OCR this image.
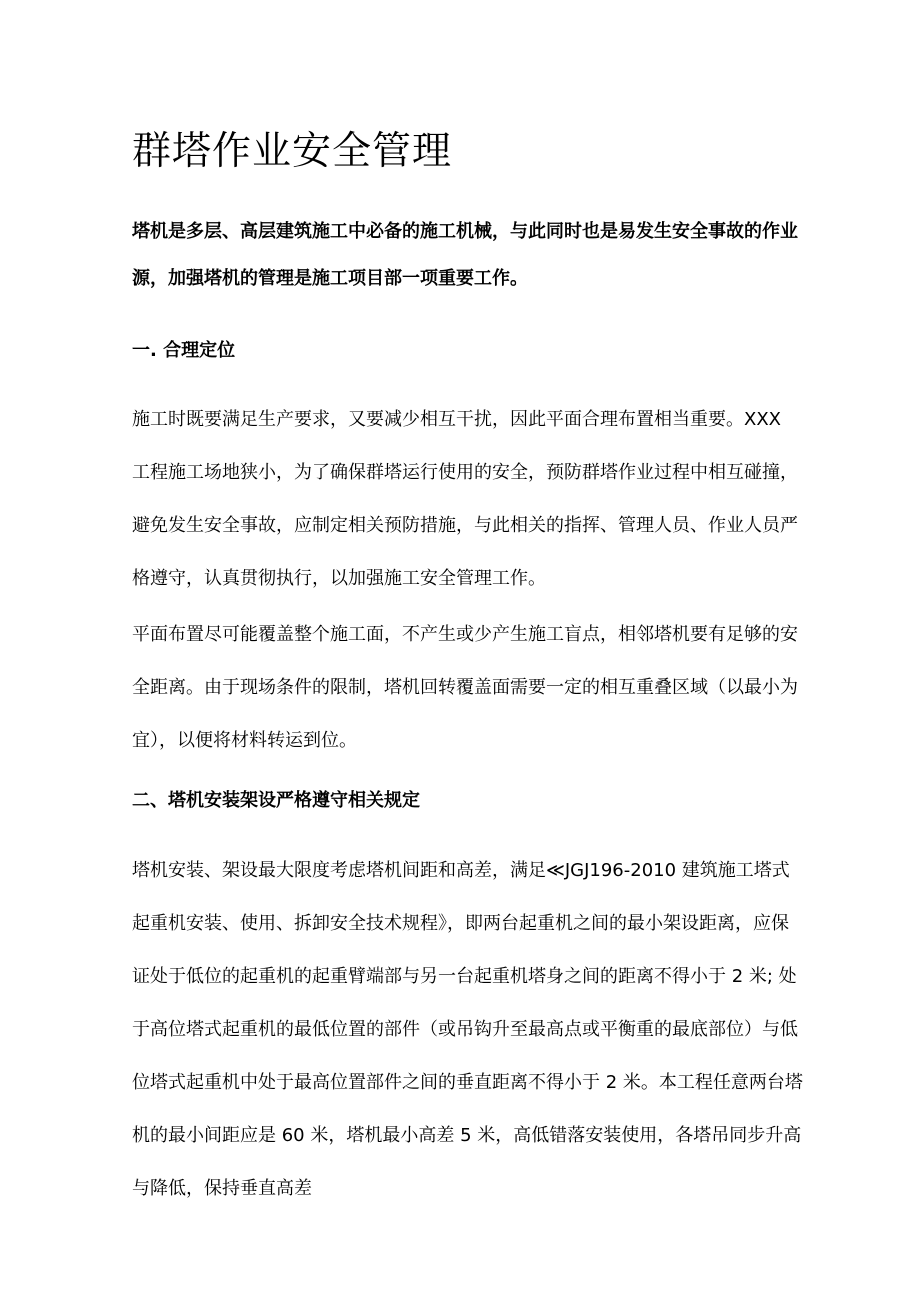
群塔作业安全管理

塔机是多层、高层建筑施工中必备的施工机械，与此同时也是易发生安全事故的作业源，加强塔机的管理是施工项目部一项重要工作。

一. 合理定位

施工时既要满足生产要求，又要减少相互干扰，因此平面合理布置相当重要。XXX 工程施工场地狭小，为了确保群塔运行使用的安全，预防群塔作业过程中相互碰撞，避免发生安全事故，应制定相关预防措施，与此相关的指挥、管理人员、作业人员严格遵守，认真贯彻执行，以加强施工安全管理工作。

平面布置尽可能覆盖整个施工面，不产生或少产生施工盲点，相邻塔机要有足够的安全距离。由于现场条件的限制，塔机回转覆盖面需要一定的相互重叠区域（以最小为宜），以便将材料转运到位。

二、塔机安装架设严格遵守相关规定

塔机安装、架设最大限度考虑塔机间距和高差，满足≪JGJ196-2010 建筑施工塔式起重机安装、使用、拆卸安全技术规程》，即两台起重机之间的最小架设距离，应保证处于低位的起重机的起重臂端部与另一台起重机塔身之间的距离不得小于 2 米; 处于高位塔式起重机的最低位置的部件（或吊钩升至最高点或平衡重的最底部位）与低位塔式起重机中处于最高位置部件之间的垂直距离不得小于 2 米。本工程任意两台塔机的最小间距应是 60 米，塔机最小高差 5 米，高低错落安装使用，各塔吊同步升高与降低，保持垂直高差
